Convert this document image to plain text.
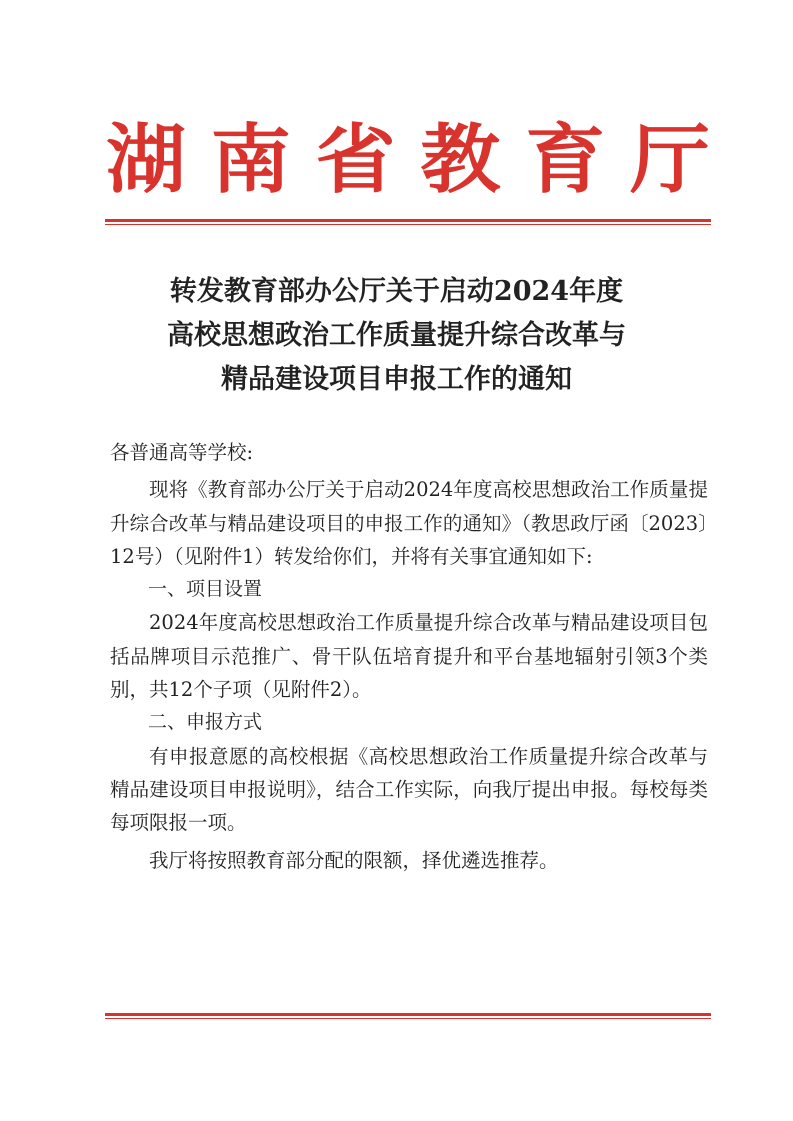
湖 南 省 教 育 厅
转发教育部办公厅关于启动2024年度
高校思想政治工作质量提升综合改革与
精品建设项目申报工作的通知

各普通高等学校:

现将《教育部办公厅关于启动2024年度高校思想政治工作质量提升综合改革与精品建设项目的申报工作的通知》（教思政厅函〔2023〕12号）（见附件1）转发给你们，并将有关事宜通知如下:

一、项目设置

2024年度高校思想政治工作质量提升综合改革与精品建设项目包括品牌项目示范推广、骨干队伍培育提升和平台基地辐射引领3个类别，共12个子项（见附件2）。

二、申报方式

有申报意愿的高校根据《高校思想政治工作质量提升综合改革与精品建设项目申报说明》，结合工作实际，向我厅提出申报。每校每类每项限报一项。

我厅将按照教育部分配的限额，择优遴选推荐。
